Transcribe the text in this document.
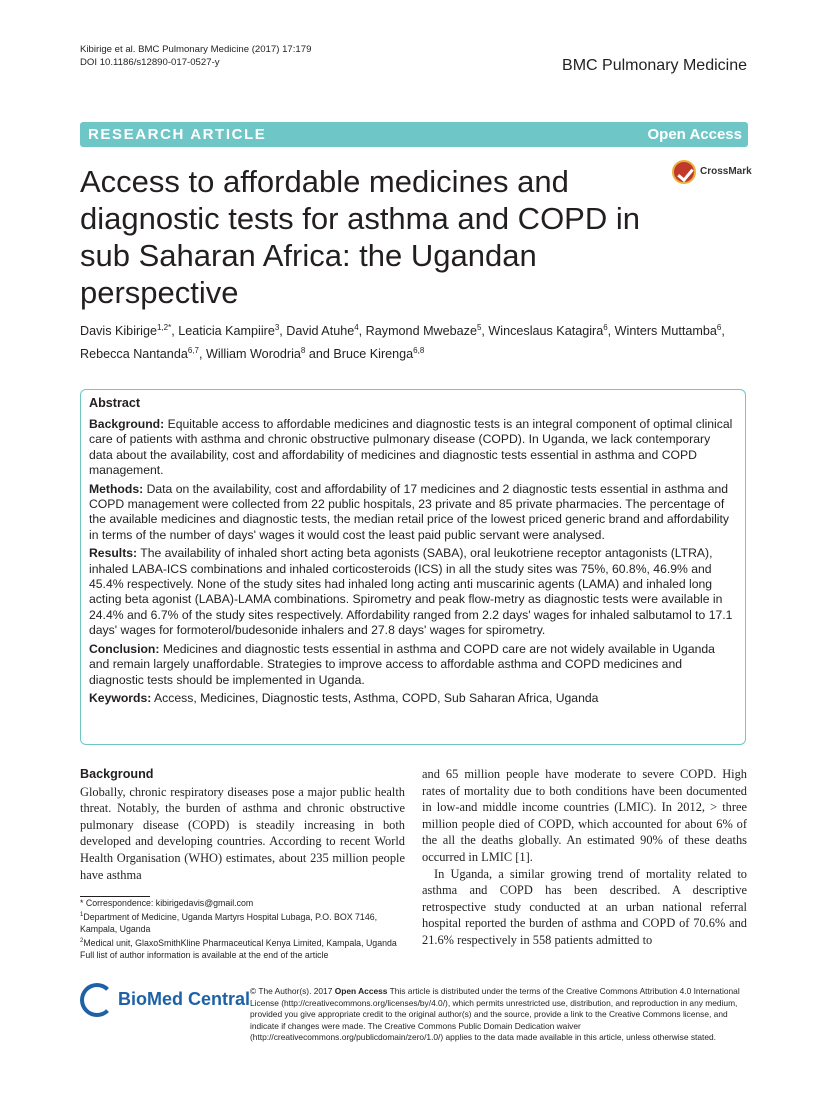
Kibirige et al. BMC Pulmonary Medicine (2017) 17:179
DOI 10.1186/s12890-017-0527-y	BMC Pulmonary Medicine
RESEARCH ARTICLE	Open Access
CrossMark
Access to affordable medicines and diagnostic tests for asthma and COPD in sub Saharan Africa: the Ugandan perspective
Davis Kibirige$^{1,2*}$, Leaticia Kampiire$^3$, David Atuhe$^4$, Raymond Mwebaze$^5$, Winceslaus Katagira$^6$, Winters Muttamba$^6$, Rebecca Nantanda$^{6,7}$, William Worodria$^8$ and Bruce Kirenga$^{6,8}$
Abstract

Background: Equitable access to affordable medicines and diagnostic tests is an integral component of optimal clinical care of patients with asthma and chronic obstructive pulmonary disease (COPD). In Uganda, we lack contemporary data about the availability, cost and affordability of medicines and diagnostic tests essential in asthma and COPD management.

Methods: Data on the availability, cost and affordability of 17 medicines and 2 diagnostic tests essential in asthma and COPD management were collected from 22 public hospitals, 23 private and 85 private pharmacies. The percentage of the available medicines and diagnostic tests, the median retail price of the lowest priced generic brand and affordability in terms of the number of days' wages it would cost the least paid public servant were analysed.

Results: The availability of inhaled short acting beta agonists (SABA), oral leukotriene receptor antagonists (LTRA), inhaled LABA-ICS combinations and inhaled corticosteroids (ICS) in all the study sites was 75%, 60.8%, 46.9% and 45.4% respectively. None of the study sites had inhaled long acting anti muscarinic agents (LAMA) and inhaled long acting beta agonist (LABA)-LAMA combinations. Spirometry and peak flow-metry as diagnostic tests were available in 24.4% and 6.7% of the study sites respectively. Affordability ranged from 2.2 days' wages for inhaled salbutamol to 17.1 days' wages for formoterol/budesonide inhalers and 27.8 days' wages for spirometry.

Conclusion: Medicines and diagnostic tests essential in asthma and COPD care are not widely available in Uganda and remain largely unaffordable. Strategies to improve access to affordable asthma and COPD medicines and diagnostic tests should be implemented in Uganda.

Keywords: Access, Medicines, Diagnostic tests, Asthma, COPD, Sub Saharan Africa, Uganda

Background

Globally, chronic respiratory diseases pose a major public health threat. Notably, the burden of asthma and chronic obstructive pulmonary disease (COPD) is steadily increasing in both developed and developing countries. According to recent World Health Organisation (WHO) estimates, about 235 million people have asthma

and 65 million people have moderate to severe COPD. High rates of mortality due to both conditions have been documented in low-and middle income countries (LMIC). In 2012, > three million people died of COPD, which accounted for about 6% of the all the deaths globally. An estimated 90% of these deaths occurred in LMIC [1].

In Uganda, a similar growing trend of mortality related to asthma and COPD has been described. A descriptive retrospective study conducted at an urban national referral hospital reported the burden of asthma and COPD of 70.6% and 21.6% respectively in 558 patients admitted to

* Correspondence: kibirigedavis@gmail.com

$^1$Department of Medicine, Uganda Martyrs Hospital Lubaga, P.O. BOX 7146, Kampala, Uganda

$^2$Medical unit, GlaxoSmithKline Pharmaceutical Kenya Limited, Kampala, Uganda

Full list of author information is available at the end of the article

BioMed Central © The Author(s). 2017 Open Access This article is distributed under the terms of the Creative Commons Attribution 4.0 International License (http://creativecommons.org/licenses/by/4.0/), which permits unrestricted use, distribution, and reproduction in any medium, provided you give appropriate credit to the original author(s) and the source, provide a link to the Creative Commons license, and indicate if changes were made. The Creative Commons Public Domain Dedication waiver (http://creativecommons.org/publicdomain/zero/1.0/) applies to the data made available in this article, unless otherwise stated.
